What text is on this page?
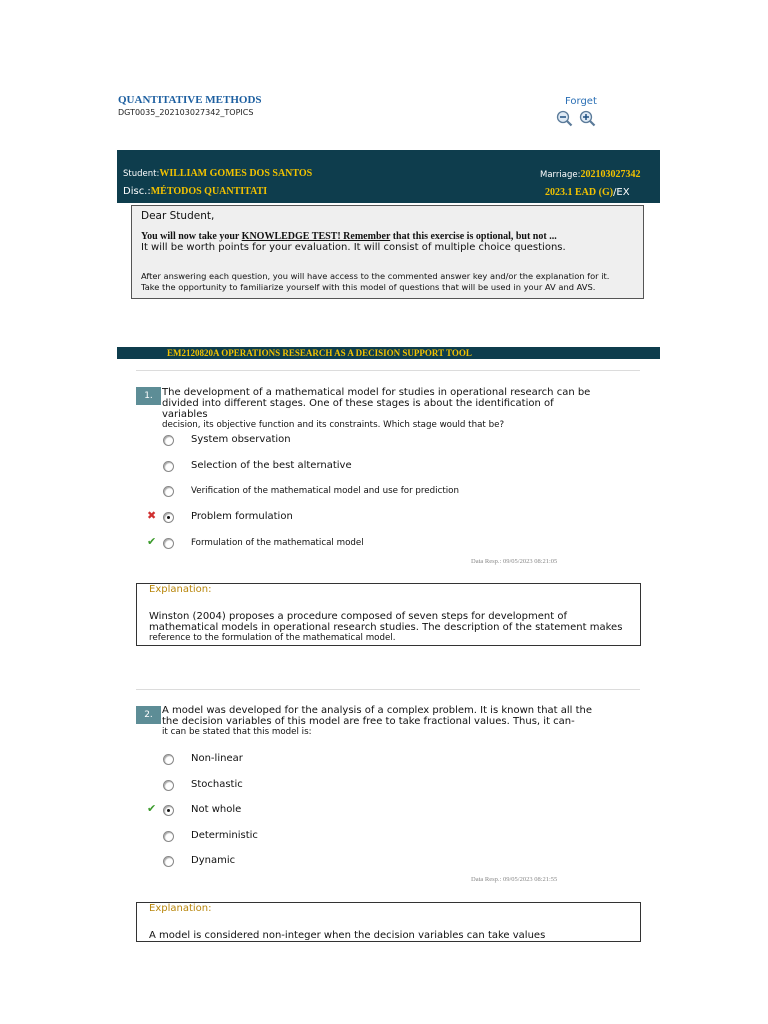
QUANTITATIVE METHODS
DGT0035_202103027342_TOPICS
Forget
Student:WILLIAM GOMES DOS SANTOS	Marriage:202103027342
Disc.:MÉTODOS QUANTITATI	2023.1 EAD (G)/EX
Dear Student,
You will now take your KNOWLEDGE TEST! Remember that this exercise is optional, but not ...
It will be worth points for your evaluation. It will consist of multiple choice questions.
After answering each question, you will have access to the commented answer key and/or the explanation for it.
Take the opportunity to familiarize yourself with this model of questions that will be used in your AV and AVS.
EM2120820A OPERATIONS RESEARCH AS A DECISION SUPPORT TOOL
1. The development of a mathematical model for studies in operational research can be
divided into different stages. One of these stages is about the identification of variables
decision, its objective function and its constraints. Which stage would that be?
System observation
Selection of the best alternative
Verification of the mathematical model and use for prediction
✖	Problem formulation
✔	Formulation of the mathematical model
Data Resp.: 09/05/2023 08:21:05
Explanation:
Winston (2004) proposes a procedure composed of seven steps for development of
mathematical models in operational research studies. The description of the statement makes
reference to the formulation of the mathematical model.
2. A model was developed for the analysis of a complex problem. It is known that all the
the decision variables of this model are free to take fractional values. Thus, it can-
it can be stated that this model is:
Non-linear
Stochastic
✔	Not whole
Deterministic
Dynamic
Data Resp.: 09/05/2023 08:21:55
Explanation:
A model is considered non-integer when the decision variables can take values
